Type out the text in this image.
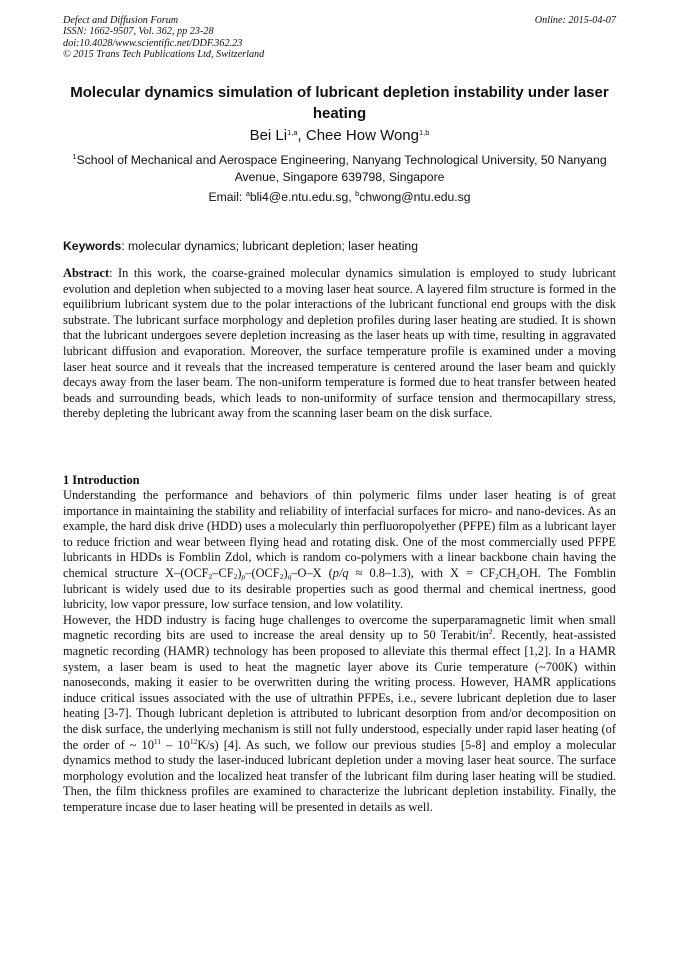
Defect and Diffusion Forum
ISSN: 1662-9507, Vol. 362, pp 23-28
doi:10.4028/www.scientific.net/DDF.362.23
© 2015 Trans Tech Publications Ltd, Switzerland
Online: 2015-04-07
Molecular dynamics simulation of lubricant depletion instability under laser heating
Bei Li$^{1,a}$, Chee How Wong$^{1,b}$
$^1$School of Mechanical and Aerospace Engineering, Nanyang Technological University, 50 Nanyang Avenue, Singapore 639798, Singapore
Email: $^a$bli4@e.ntu.edu.sg, $^b$chwong@ntu.edu.sg
Keywords: molecular dynamics; lubricant depletion; laser heating

Abstract: In this work, the coarse-grained molecular dynamics simulation is employed to study lubricant evolution and depletion when subjected to a moving laser heat source. A layered film structure is formed in the equilibrium lubricant system due to the polar interactions of the lubricant functional end groups with the disk substrate. The lubricant surface morphology and depletion profiles during laser heating are studied. It is shown that the lubricant undergoes severe depletion increasing as the laser heats up with time, resulting in aggravated lubricant diffusion and evaporation. Moreover, the surface temperature profile is examined under a moving laser heat source and it reveals that the increased temperature is centered around the laser beam and quickly decays away from the laser beam. The non-uniform temperature is formed due to heat transfer between heated beads and surrounding beads, which leads to non-uniformity of surface tension and thermocapillary stress, thereby depleting the lubricant away from the scanning laser beam on the disk surface.

1 Introduction

Understanding the performance and behaviors of thin polymeric films under laser heating is of great importance in maintaining the stability and reliability of interfacial surfaces for micro- and nano-devices. As an example, the hard disk drive (HDD) uses a molecularly thin perfluoropolyether (PFPE) film as a lubricant layer to reduce friction and wear between flying head and rotating disk. One of the most commercially used PFPE lubricants in HDDs is Fomblin Zdol, which is random co-polymers with a linear backbone chain having the chemical structure $X-(OCF_2-CF_2)_p-(OCF_2)_q-O-X$ (p/q ≈ 0.8–1.3), with $X = CF_2CH_2OH$. The Fomblin lubricant is widely used due to its desirable properties such as good thermal and chemical inertness, good lubricity, low vapor pressure, low surface tension, and low volatility.

However, the HDD industry is facing huge challenges to overcome the superparamagnetic limit when small magnetic recording bits are used to increase the areal density up to 50 Terabit/$in^2$. Recently, heat-assisted magnetic recording (HAMR) technology has been proposed to alleviate this thermal effect [1,2]. In a HAMR system, a laser beam is used to heat the magnetic layer above its Curie temperature (~700K) within nanoseconds, making it easier to be overwritten during the writing process. However, HAMR applications induce critical issues associated with the use of ultrathin PFPEs, i.e., severe lubricant depletion due to laser heating [3-7]. Though lubricant depletion is attributed to lubricant desorption from and/or decomposition on the disk surface, the underlying mechanism is still not fully understood, especially under rapid laser heating (of the order of ~ $10^{11} - 10^{12}K/s$) [4]. As such, we follow our previous studies [5-8] and employ a molecular dynamics method to study the laser-induced lubricant depletion under a moving laser heat source. The surface morphology evolution and the localized heat transfer of the lubricant film during laser heating will be studied. Then, the film thickness profiles are examined to characterize the lubricant depletion instability. Finally, the temperature incase due to laser heating will be presented in details as well.
